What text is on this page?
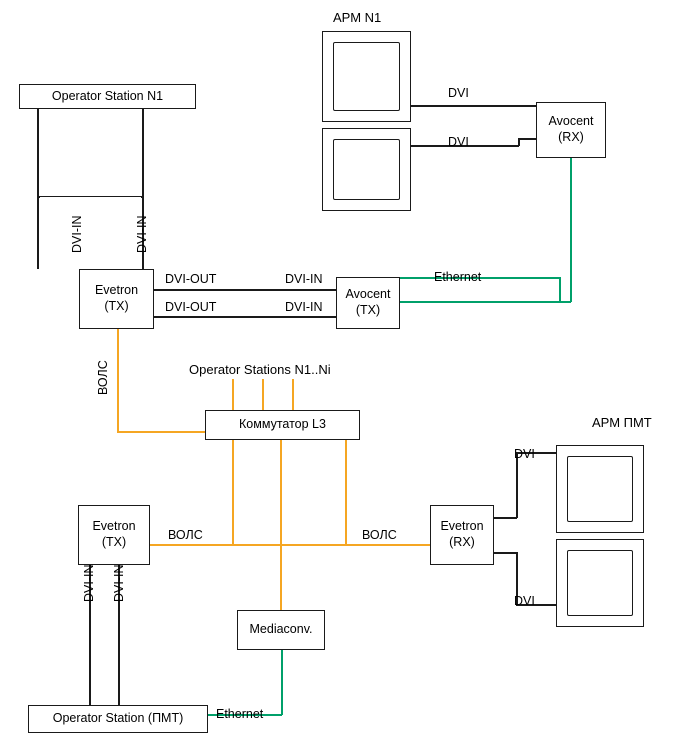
АРМ N1
Avocent
(RX)
DVI
DVI
Operator Station N1
DVI-IN	DVI-IN
Evetron
(TX)
Avocent
(TX)
DVI-OUT
DVI-OUT
DVI-IN
DVI-IN
Ethernet
ВОЛС	Operator Stations N1..Ni
Коммутатор L3
ВОЛС	ВОЛС
Evetron
(TX)
Evetron
(RX)
Mediaconv.
Ethernet
Operator Station (ПМТ)
DVI-IN DVI-IN
АРМ ПМТ
DVI
DVI
